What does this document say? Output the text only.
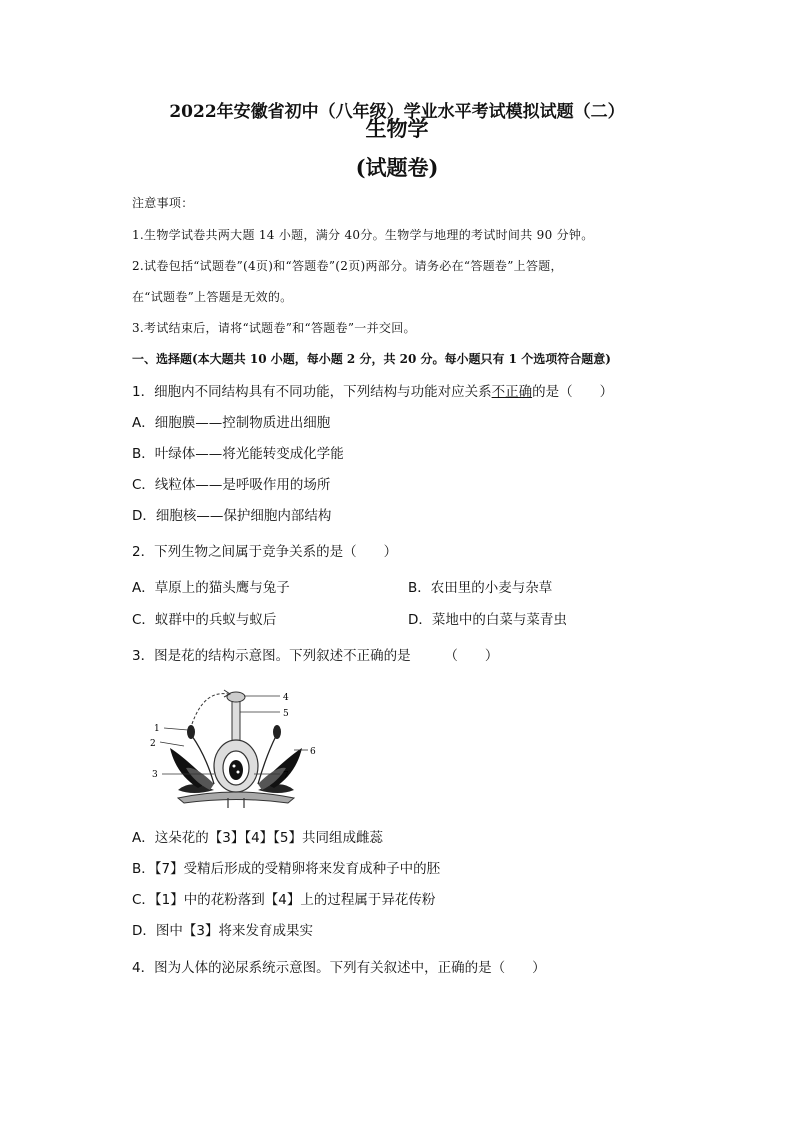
2022年安徽省初中（八年级）学业水平考试模拟试题（二）
生物学
(试题卷)
注意事项：
1.生物学试卷共两大题 14 小题，满分 40分。生物学与地理的考试时间共 90 分钟。
2.试卷包括“试题卷”(4页)和“答题卷”(2页)两部分。请务必在“答题卷”上答题，
在“试题卷”上答题是无效的。
3.考试结束后，请将“试题卷”和“答题卷”一并交回。
一、选择题(本大题共 10 小题，每小题 2 分，共 20 分。每小题只有 1 个选项符合题意)
1．细胞内不同结构具有不同功能，下列结构与功能对应关系不正确的是（　　）
A．细胞膜——控制物质进出细胞
B．叶绿体——将光能转变成化学能
C．线粒体——是呼吸作用的场所
D．细胞核——保护细胞内部结构
2．下列生物之间属于竞争关系的是（　　）
A．草原上的猫头鹰与兔子	B．农田里的小麦与杂草
C．蚁群中的兵蚁与蚁后	D．菜地中的白菜与菜青虫
3．图是花的结构示意图。下列叙述不正确的是　　　（　　）
4
5
6
7
1
2
3
A．这朵花的【3】【4】【5】共同组成雌蕊
B．【7】受精后形成的受精卵将来发育成种子中的胚
C．【1】中的花粉落到【4】上的过程属于异花传粉
D．图中【3】将来发育成果实
4．图为人体的泌尿系统示意图。下列有关叙述中，正确的是（　　）
